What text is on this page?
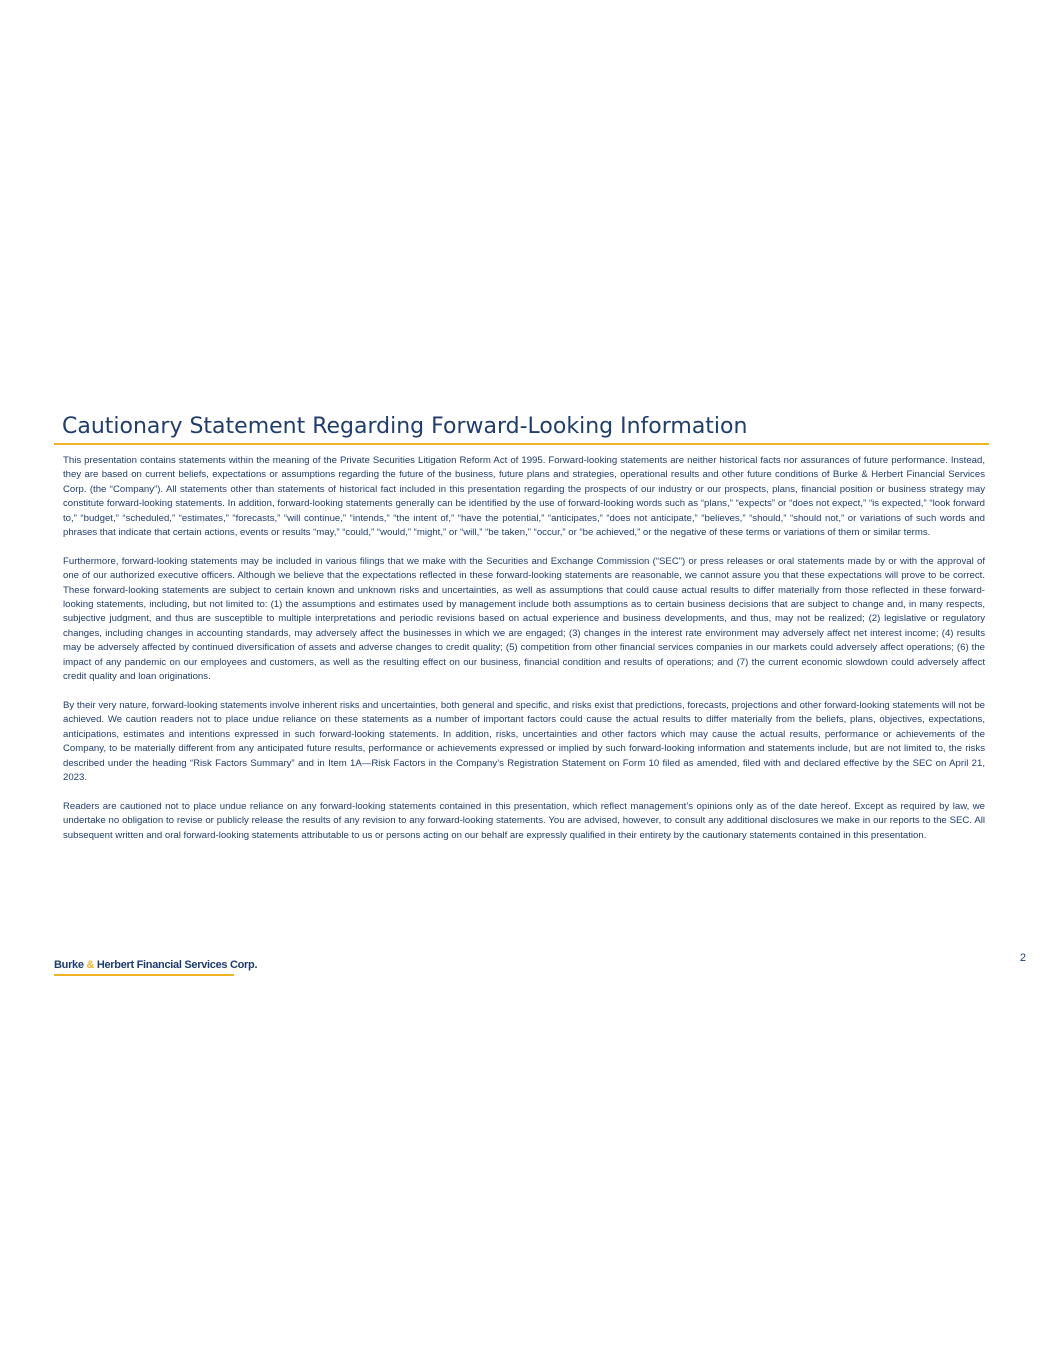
Cautionary Statement Regarding Forward-Looking Information

This presentation contains statements within the meaning of the Private Securities Litigation Reform Act of 1995. Forward-looking statements are neither historical facts nor assurances of future performance. Instead, they are based on current beliefs, expectations or assumptions regarding the future of the business, future plans and strategies, operational results and other future conditions of Burke & Herbert Financial Services Corp. (the “Company”). All statements other than statements of historical fact included in this presentation regarding the prospects of our industry or our prospects, plans, financial position or business strategy may constitute forward-looking statements. In addition, forward-looking statements generally can be identified by the use of forward-looking words such as “plans,” “expects” or “does not expect,” “is expected,” “look forward to,” “budget,” “scheduled,” “estimates,” “forecasts,” “will continue,” “intends,” “the intent of,” “have the potential,” “anticipates,” “does not anticipate,” “believes,” “should,” “should not,” or variations of such words and phrases that indicate that certain actions, events or results “may,” “could,” “would,” “might,” or “will,” “be taken,” “occur,” or “be achieved,” or the negative of these terms or variations of them or similar terms.

Furthermore, forward-looking statements may be included in various filings that we make with the Securities and Exchange Commission (“SEC”) or press releases or oral statements made by or with the approval of one of our authorized executive officers. Although we believe that the expectations reflected in these forward-looking statements are reasonable, we cannot assure you that these expectations will prove to be correct. These forward-looking statements are subject to certain known and unknown risks and uncertainties, as well as assumptions that could cause actual results to differ materially from those reflected in these forward-looking statements, including, but not limited to: (1) the assumptions and estimates used by management include both assumptions as to certain business decisions that are subject to change and, in many respects, subjective judgment, and thus are susceptible to multiple interpretations and periodic revisions based on actual experience and business developments, and thus, may not be realized; (2) legislative or regulatory changes, including changes in accounting standards, may adversely affect the businesses in which we are engaged; (3) changes in the interest rate environment may adversely affect net interest income; (4) results may be adversely affected by continued diversification of assets and adverse changes to credit quality; (5) competition from other financial services companies in our markets could adversely affect operations; (6) the impact of any pandemic on our employees and customers, as well as the resulting effect on our business, financial condition and results of operations; and (7) the current economic slowdown could adversely affect credit quality and loan originations.

By their very nature, forward-looking statements involve inherent risks and uncertainties, both general and specific, and risks exist that predictions, forecasts, projections and other forward-looking statements will not be achieved. We caution readers not to place undue reliance on these statements as a number of important factors could cause the actual results to differ materially from the beliefs, plans, objectives, expectations, anticipations, estimates and intentions expressed in such forward-looking statements. In addition, risks, uncertainties and other factors which may cause the actual results, performance or achievements of the Company, to be materially different from any anticipated future results, performance or achievements expressed or implied by such forward-looking information and statements include, but are not limited to, the risks described under the heading “Risk Factors Summary” and in Item 1A—Risk Factors in the Company’s Registration Statement on Form 10 filed as amended, filed with and declared effective by the SEC on April 21, 2023.

Readers are cautioned not to place undue reliance on any forward-looking statements contained in this presentation, which reflect management’s opinions only as of the date hereof. Except as required by law, we undertake no obligation to revise or publicly release the results of any revision to any forward-looking statements. You are advised, however, to consult any additional disclosures we make in our reports to the SEC. All subsequent written and oral forward-looking statements attributable to us or persons acting on our behalf are expressly qualified in their entirety by the cautionary statements contained in this presentation.

2
Burke & Herbert Financial Services Corp.
